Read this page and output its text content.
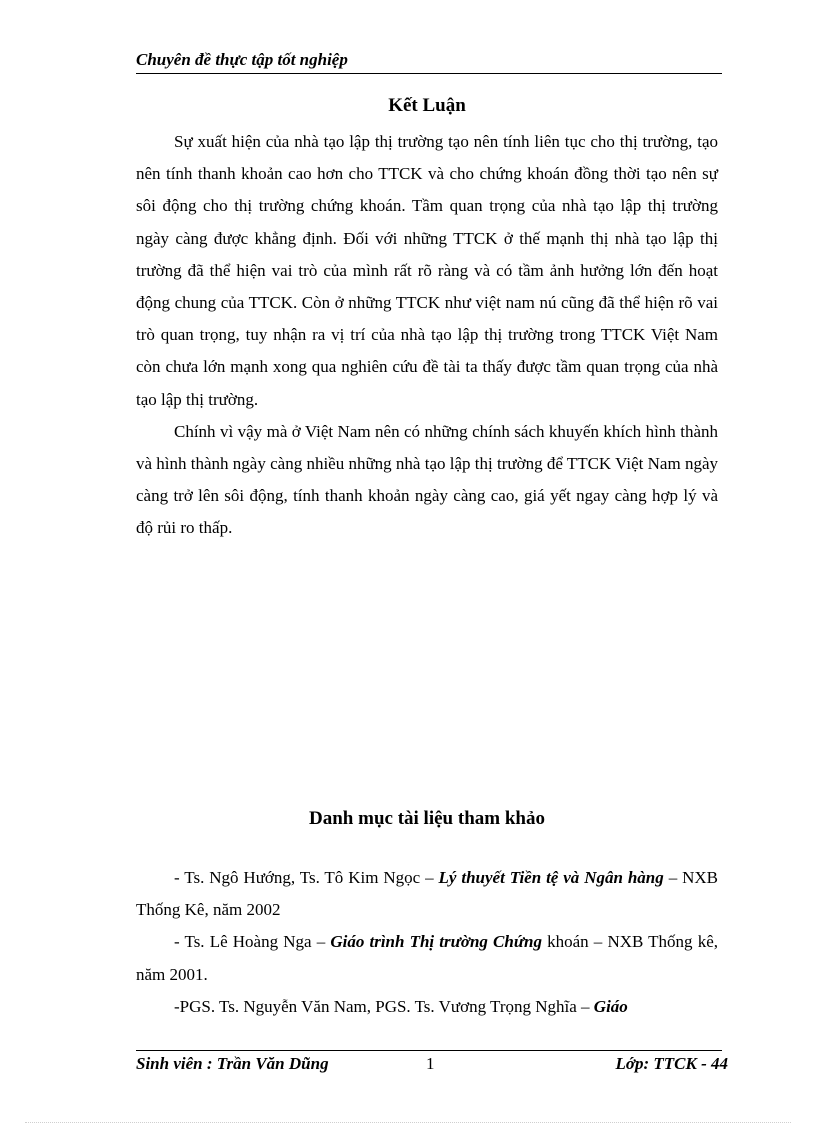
Chuyên đề thực tập tốt nghiệp
Kết Luận

Sự xuất hiện của nhà tạo lập thị trường tạo nên tính liên tục cho thị trường, tạo nên tính thanh khoản cao hơn cho TTCK và cho chứng khoán đồng thời tạo nên sự sôi động cho thị trường chứng khoán. Tầm quan trọng của nhà tạo lập thị trường ngày càng được khẳng định. Đối với những TTCK ở thế mạnh thị nhà tạo lập thị trường đã thể hiện vai trò của mình rất rõ ràng và có tầm ảnh hưởng lớn đến hoạt động chung của TTCK. Còn ở những TTCK như việt nam nú cũng đã thể hiện rõ vai trò quan trọng, tuy nhận ra vị trí của nhà tạo lập thị trường trong TTCK Việt Nam còn chưa lớn mạnh xong qua nghiên cứu đề tài ta thấy được tầm quan trọng của nhà tạo lập thị trường.

Chính vì vậy mà ở Việt Nam nên có những chính sách khuyến khích hình thành và hình thành ngày càng nhiều những nhà tạo lập thị trường để TTCK Việt Nam ngày càng trở lên sôi động, tính thanh khoản ngày càng cao, giá yết ngay càng hợp lý và độ rủi ro thấp.

Danh mục tài liệu tham khảo

- Ts. Ngô Hướng, Ts. Tô Kim Ngọc – Lý thuyết Tiền tệ và Ngân hàng – NXB Thống Kê, năm 2002

- Ts. Lê Hoàng Nga – Giáo trình Thị trường Chứng khoán – NXB Thống kê, năm 2001.

-PGS. Ts. Nguyễn Văn Nam, PGS. Ts. Vương Trọng Nghĩa – Giáo

Sinh viên : Trần Văn Dũng	1	Lớp: TTCK - 44
